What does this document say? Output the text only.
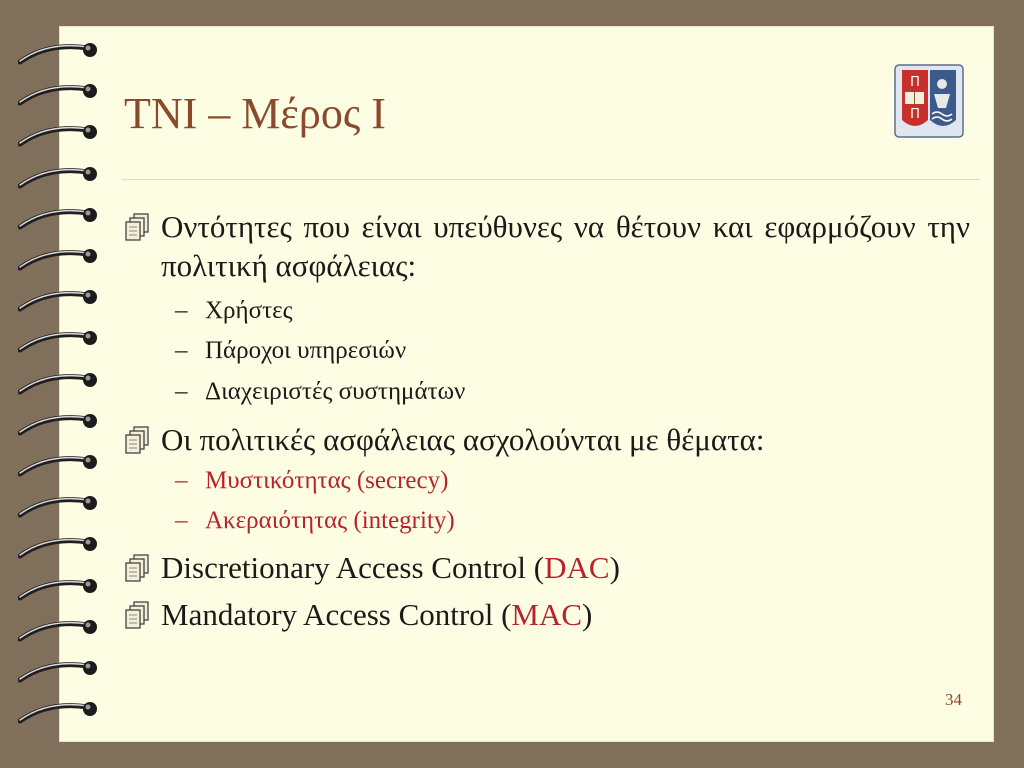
ΤΝΙ – Μέρος Ι
Π
Π
Οντότητες που είναι υπεύθυνες να θέτουν και εφαρμόζουν την πολιτική ασφάλειας:
– Χρήστες
– Πάροχοι υπηρεσιών
– Διαχειριστές συστημάτων
Οι πολιτικές ασφάλειας ασχολούνται με θέματα:
– Μυστικότητας (secrecy)
– Ακεραιότητας (integrity)
Discretionary Access Control (DAC)
Mandatory Access Control (MAC)
34
